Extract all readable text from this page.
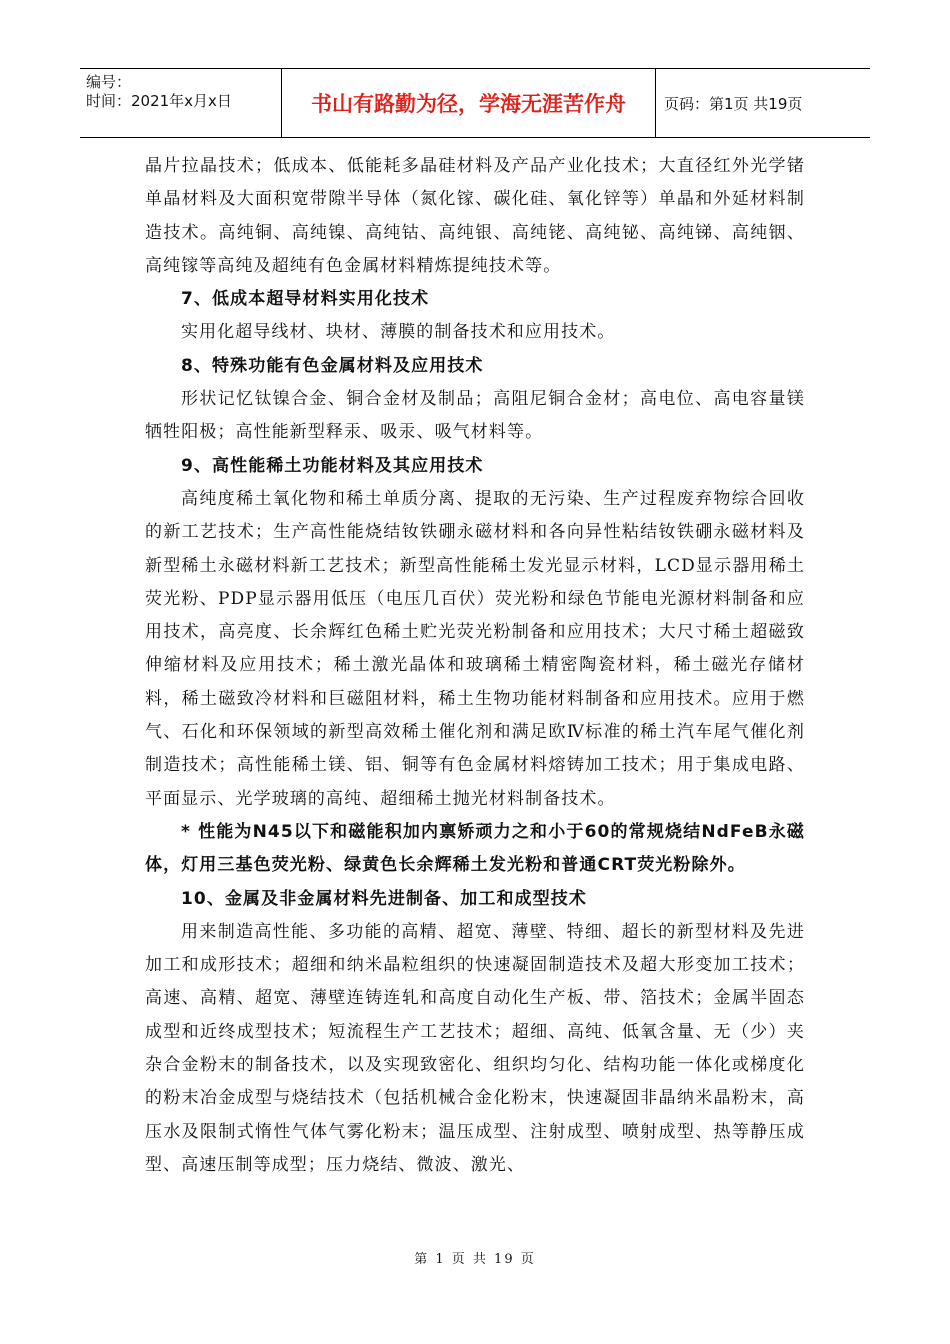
编号：
时间：2021年x月x日	书山有路勤为径，学海无涯苦作舟	页码：第1页 共19页

晶片拉晶技术；低成本、低能耗多晶硅材料及产品产业化技术；大直径红外光学锗单晶材料及大面积宽带隙半导体（氮化镓、碳化硅、氧化锌等）单晶和外延材料制造技术。高纯铜、高纯镍、高纯钴、高纯银、高纯铑、高纯铋、高纯锑、高纯铟、高纯镓等高纯及超纯有色金属材料精炼提纯技术等。

7、低成本超导材料实用化技术

实用化超导线材、块材、薄膜的制备技术和应用技术。

8、特殊功能有色金属材料及应用技术

形状记忆钛镍合金、铜合金材及制品；高阻尼铜合金材；高电位、高电容量镁牺牲阳极；高性能新型释汞、吸汞、吸气材料等。

9、高性能稀土功能材料及其应用技术

高纯度稀土氧化物和稀土单质分离、提取的无污染、生产过程废弃物综合回收的新工艺技术；生产高性能烧结钕铁硼永磁材料和各向异性粘结钕铁硼永磁材料及新型稀土永磁材料新工艺技术；新型高性能稀土发光显示材料，LCD显示器用稀土荧光粉、PDP显示器用低压（电压几百伏）荧光粉和绿色节能电光源材料制备和应用技术，高亮度、长余辉红色稀土贮光荧光粉制备和应用技术；大尺寸稀土超磁致伸缩材料及应用技术；稀土激光晶体和玻璃稀土精密陶瓷材料，稀土磁光存储材料，稀土磁致冷材料和巨磁阻材料，稀土生物功能材料制备和应用技术。应用于燃气、石化和环保领域的新型高效稀土催化剂和满足欧Ⅳ标准的稀土汽车尾气催化剂制造技术；高性能稀土镁、铝、铜等有色金属材料熔铸加工技术；用于集成电路、平面显示、光学玻璃的高纯、超细稀土抛光材料制备技术。

* 性能为N45以下和磁能积加内禀矫顽力之和小于60的常规烧结NdFeB永磁体，灯用三基色荧光粉、绿黄色长余辉稀土发光粉和普通CRT荧光粉除外。

10、金属及非金属材料先进制备、加工和成型技术

用来制造高性能、多功能的高精、超宽、薄壁、特细、超长的新型材料及先进加工和成形技术；超细和纳米晶粒组织的快速凝固制造技术及超大形变加工技术；高速、高精、超宽、薄壁连铸连轧和高度自动化生产板、带、箔技术；金属半固态成型和近终成型技术；短流程生产工艺技术；超细、高纯、低氧含量、无（少）夹杂合金粉末的制备技术，以及实现致密化、组织均匀化、结构功能一体化或梯度化的粉末冶金成型与烧结技术（包括机械合金化粉末，快速凝固非晶纳米晶粉末，高压水及限制式惰性气体气雾化粉末；温压成型、注射成型、喷射成型、热等静压成型、高速压制等成型；压力烧结、微波、激光、

第 1 页 共 19 页
